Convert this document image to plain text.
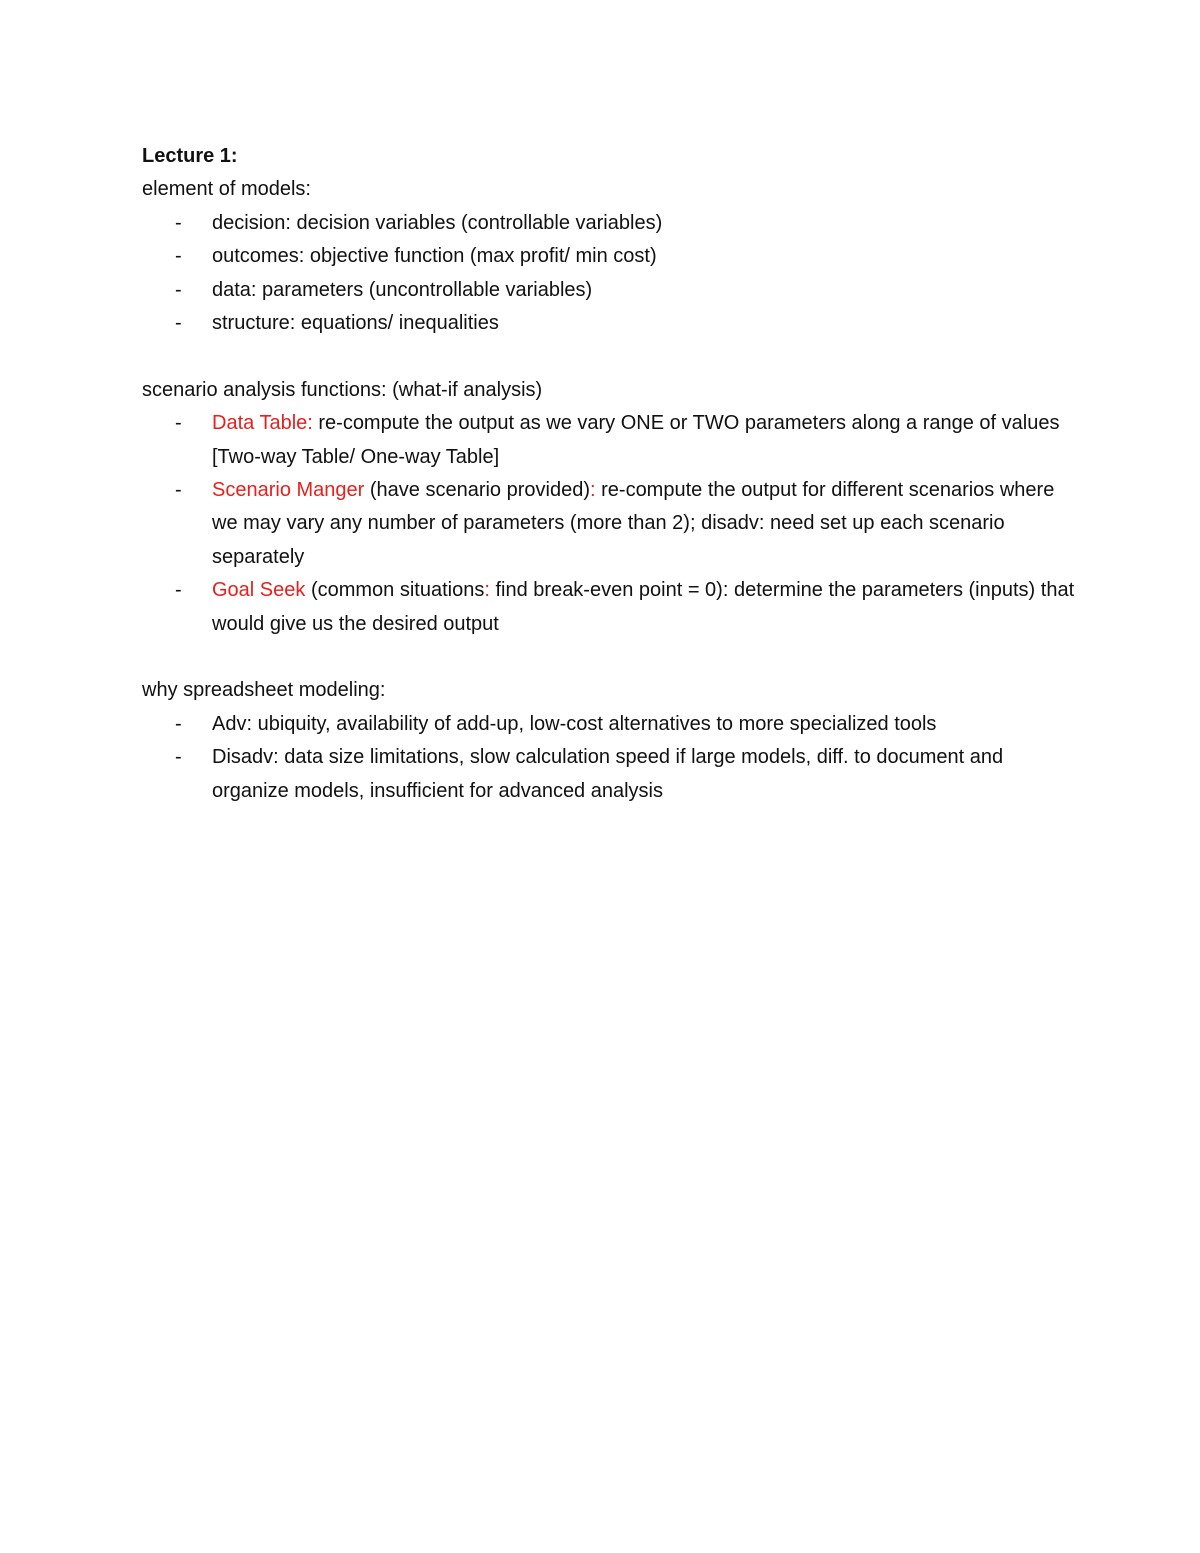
Lecture 1:

element of models:

- decision: decision variables (controllable variables)
- outcomes: objective function (max profit/ min cost)
- data: parameters (uncontrollable variables)
- structure: equations/ inequalities

scenario analysis functions: (what-if analysis)

- Data Table: re-compute the output as we vary ONE or TWO parameters along a range of values [Two-way Table/ One-way Table]
- Scenario Manger (have scenario provided): re-compute the output for different scenarios where we may vary any number of parameters (more than 2); disadv: need set up each scenario separately
- Goal Seek (common situations: find break-even point = 0): determine the parameters (inputs) that would give us the desired output

why spreadsheet modeling:

- Adv: ubiquity, availability of add-up, low-cost alternatives to more specialized tools
- Disadv: data size limitations, slow calculation speed if large models, diff. to document and organize models, insufficient for advanced analysis
